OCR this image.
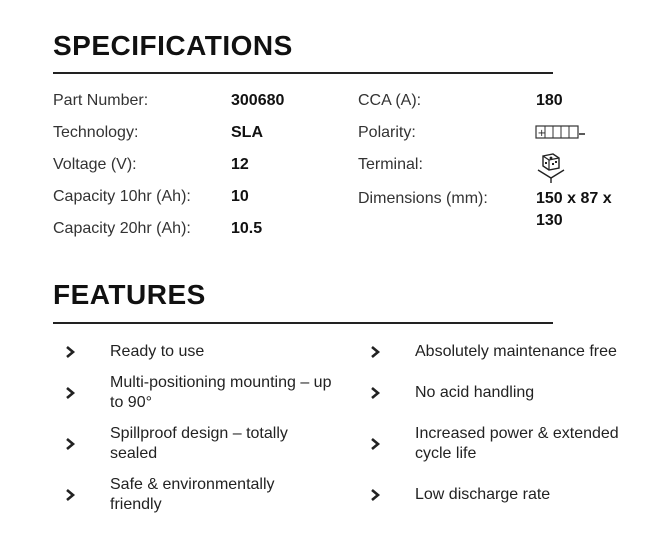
SPECIFICATIONS
Part Number:	300680
Technology:	SLA
Voltage (V):	12
Capacity 10hr (Ah):	10
Capacity 20hr (Ah):	10.5
CCA (A):	180
Polarity:	+
Terminal:
Dimensions (mm):	150 x 87 x 130
FEATURES
Ready to use
Multi-positioning mounting – up to 90°
Spillproof design – totally sealed
Safe & environmentally friendly
Absolutely maintenance free
No acid handling
Increased power & extended cycle life
Low discharge rate
